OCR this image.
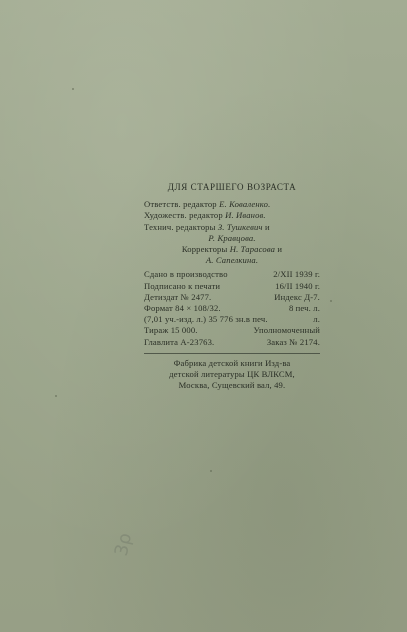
ДЛЯ СТАРШЕГО ВОЗРАСТА
Ответств. редактор Е. Коваленко.
Художеств. редактор И. Иванов.
Технич. редакторы З. Тушкевич и
Р. Кравцова.
Корректоры Н. Тарасова и
А. Сапелкина.
Сдано в производство	2/XII 1939 г.
Подписано к печати	16/II 1940 г.
Детиздат № 2477.	Индекс Д-7.
Формат 84 × 108/32.	8 печ. л.
(7,01 уч.-изд. л.) 35 776 зн.в печ.	л.
Тираж 15 000.	Уполномоченный
Главлита А-23763.	Заказ № 2174.
Фабрика детской книги Изд-ва
детской литературы ЦК ВЛКСМ,
Москва, Сущевский вал, 49.
3ρ
